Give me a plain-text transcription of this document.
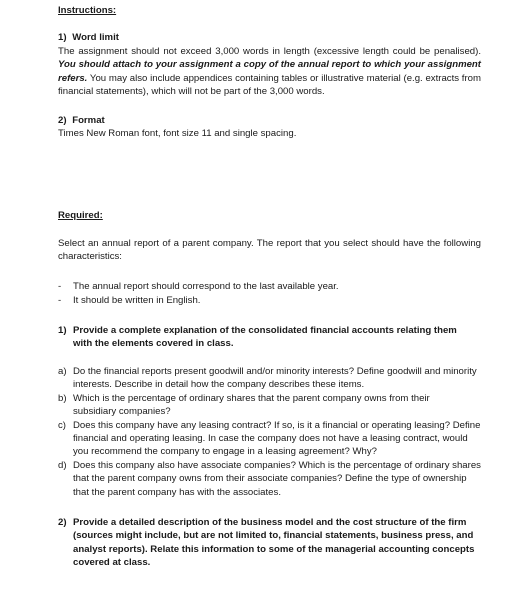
Instructions:
1) Word limit
The assignment should not exceed 3,000 words in length (excessive length could be penalised). You should attach to your assignment a copy of the annual report to which your assignment refers. You may also include appendices containing tables or illustrative material (e.g. extracts from financial statements), which will not be part of the 3,000 words.
2) Format
Times New Roman font, font size 11 and single spacing.
Required:
Select an annual report of a parent company. The report that you select should have the following characteristics:
- The annual report should correspond to the last available year.
- It should be written in English.
1) Provide a complete explanation of the consolidated financial accounts relating them with the elements covered in class.
a) Do the financial reports present goodwill and/or minority interests? Define goodwill and minority interests. Describe in detail how the company describes these items.
b) Which is the percentage of ordinary shares that the parent company owns from their subsidiary companies?
c) Does this company have any leasing contract? If so, is it a financial or operating leasing? Define financial and operating leasing. In case the company does not have a leasing contract, would you recommend the company to engage in a leasing agreement? Why?
d) Does this company also have associate companies? Which is the percentage of ordinary shares that the parent company owns from their associate companies? Define the type of ownership that the parent company has with the associates.
2) Provide a detailed description of the business model and the cost structure of the firm (sources might include, but are not limited to, financial statements, business press, and analyst reports). Relate this information to some of the managerial accounting concepts covered at class.
